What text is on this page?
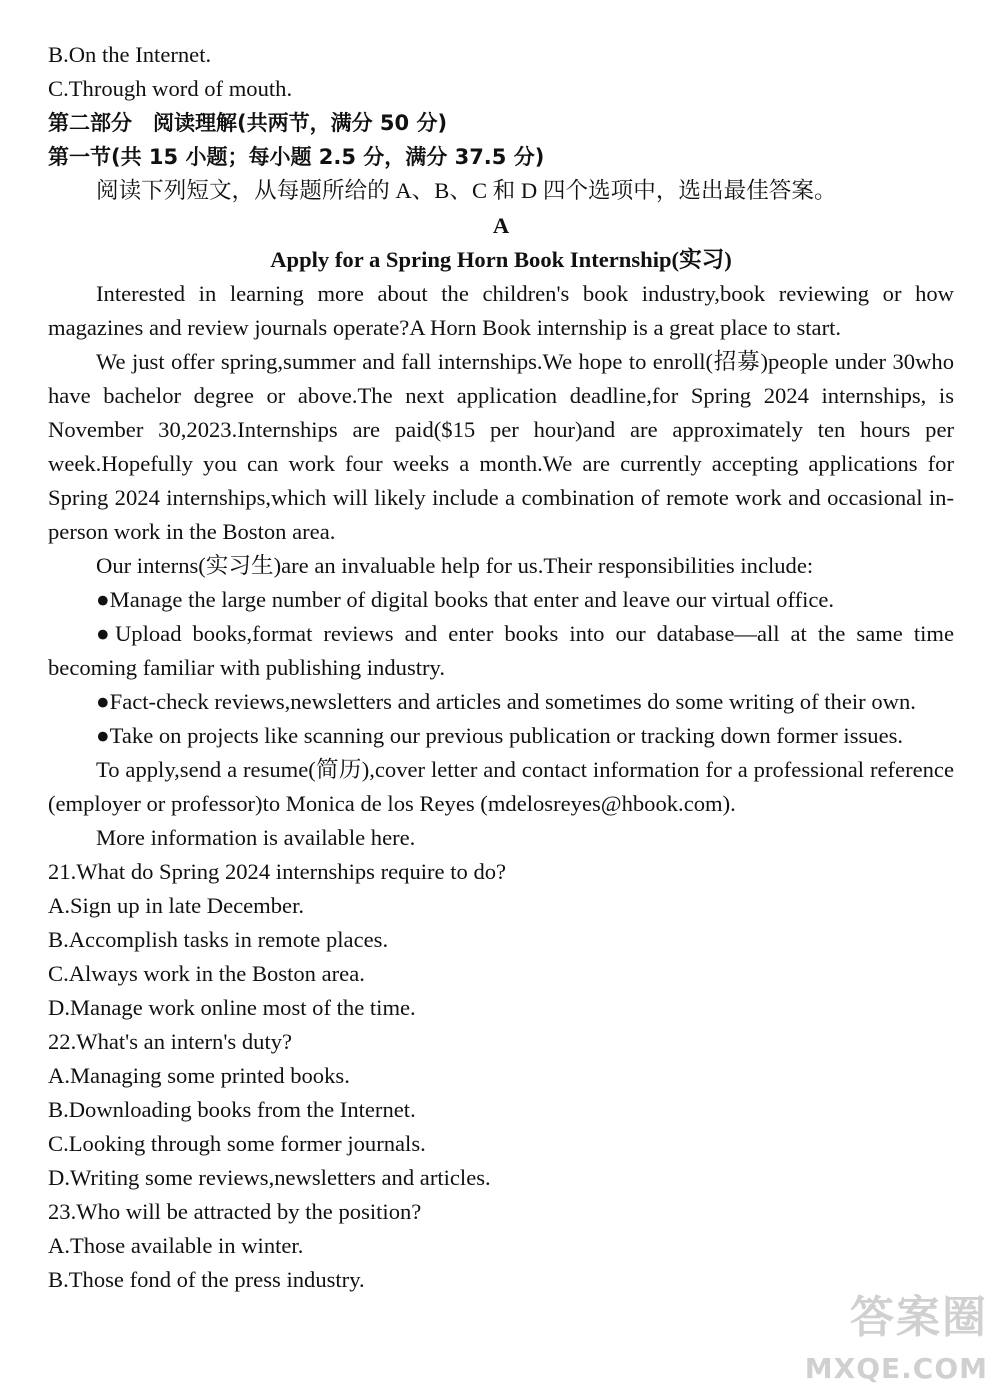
B.On the Internet.
C.Through word of mouth.
第二部分　阅读理解(共两节，满分 50 分)
第一节(共 15 小题；每小题 2.5 分，满分 37.5 分)
阅读下列短文，从每题所给的 A、B、C 和 D 四个选项中，选出最佳答案。
A
Apply for a Spring Horn Book Internship(实习)
Interested in learning more about the children's book industry,book reviewing or how magazines and review journals operate?A Horn Book internship is a great place to start.
We just offer spring,summer and fall internships.We hope to enroll(招募)people under 30who have bachelor degree or above.The next application deadline,for Spring 2024 internships, is November 30,2023.Internships are paid($15 per hour)and are approximately ten hours per week.Hopefully you can work four weeks a month.We are currently accepting applications for Spring 2024 internships,which will likely include a combination of remote work and occasional in-person work in the Boston area.
Our interns(实习生)are an invaluable help for us.Their responsibilities include:
●Manage the large number of digital books that enter and leave our virtual office.
●Upload books,format reviews and enter books into our database—all at the same time becoming familiar with publishing industry.
●Fact-check reviews,newsletters and articles and sometimes do some writing of their own.
●Take on projects like scanning our previous publication or tracking down former issues.
To apply,send a resume(简历),cover letter and contact information for a professional reference (employer or professor)to Monica de los Reyes (mdelosreyes@hbook.com).
More information is available here.
21.What do Spring 2024 internships require to do?
A.Sign up in late December.
B.Accomplish tasks in remote places.
C.Always work in the Boston area.
D.Manage work online most of the time.
22.What's an intern's duty?
A.Managing some printed books.
B.Downloading books from the Internet.
C.Looking through some former journals.
D.Writing some reviews,newsletters and articles.
23.Who will be attracted by the position?
A.Those available in winter.
B.Those fond of the press industry.
答案圈
MXQE.COM
